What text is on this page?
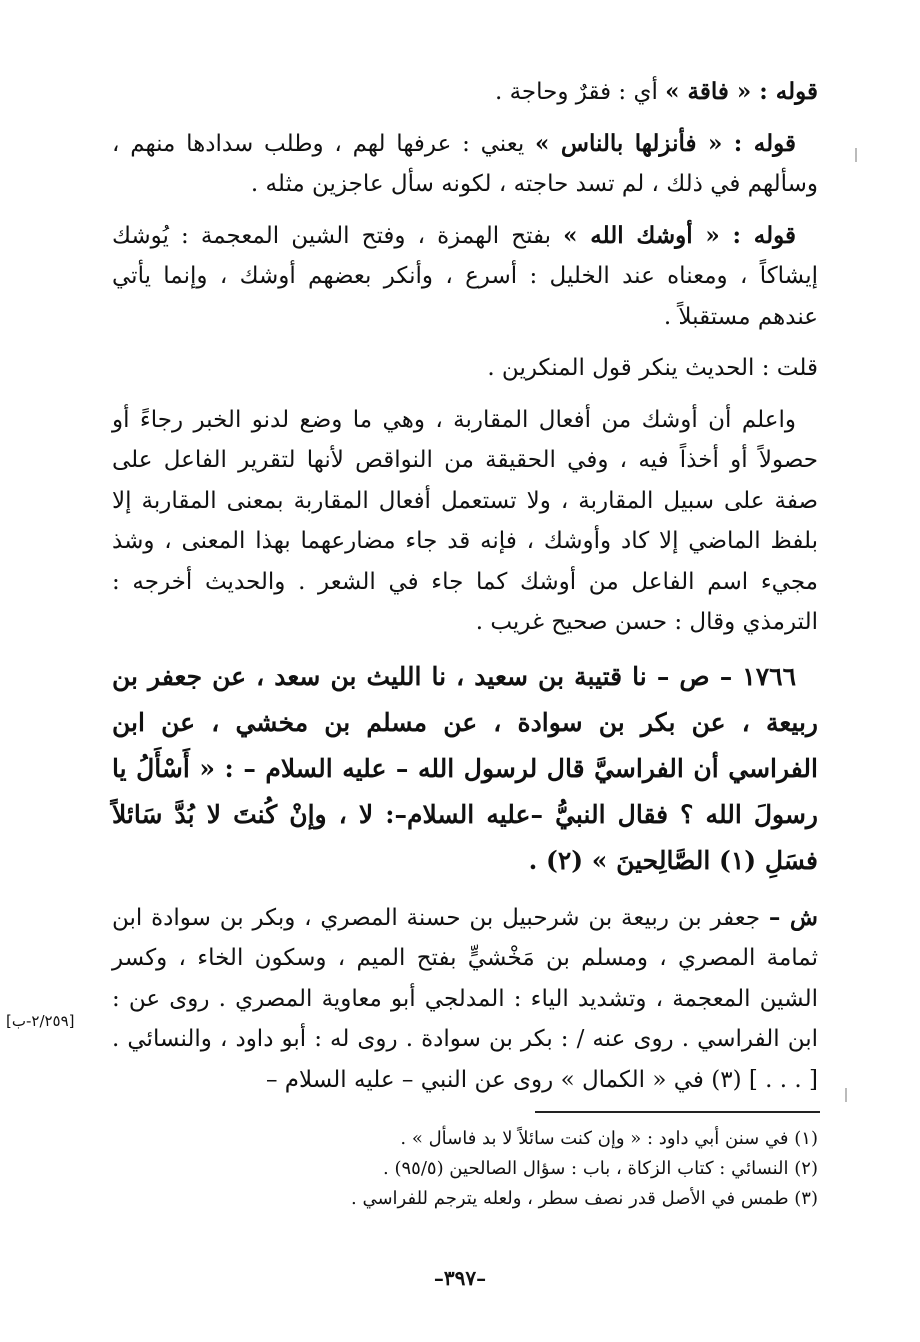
قوله : « فاقة » أي : فقرٌ وحاجة .

قوله : « فأنزلها بالناس » يعني : عرفها لهم ، وطلب سدادها منهم ، وسألهم في ذلك ، لم تسد حاجته ، لكونه سأل عاجزين مثله .

قوله : « أوشك الله » بفتح الهمزة ، وفتح الشين المعجمة : يُوشك إيشاكاً ، ومعناه عند الخليل : أسرع ، وأنكر بعضهم أوشك ، وإنما يأتي عندهم مستقبلاً .

قلت : الحديث ينكر قول المنكرين .

واعلم أن أوشك من أفعال المقاربة ، وهي ما وضع لدنو الخبر رجاءً أو حصولاً أو أخذاً فيه ، وفي الحقيقة من النواقص لأنها لتقرير الفاعل على صفة على سبيل المقاربة ، ولا تستعمل أفعال المقاربة بمعنى المقاربة إلا بلفظ الماضي إلا كاد وأوشك ، فإنه قد جاء مضارعهما بهذا المعنى ، وشذ مجيء اسم الفاعل من أوشك كما جاء في الشعر . والحديث أخرجه : الترمذي وقال : حسن صحيح غريب .

١٧٦٦ – ص – نا قتيبة بن سعيد ، نا الليث بن سعد ، عن جعفر بن ربيعة ، عن بكر بن سوادة ، عن مسلم بن مخشي ، عن ابن الفراسي أن الفراسيَّ قال لرسول الله – عليه السلام – : « أَسْأَلُ يا رسولَ الله ؟ فقال النبيُّ –عليه السلام–: لا ، وإنْ كُنتَ لا بُدَّ سَائلاً فسَلِ (١) الصَّالِحينَ » (٢) .

ش – جعفر بن ربيعة بن شرحبيل بن حسنة المصري ، وبكر بن سوادة ابن ثمامة المصري ، ومسلم بن مَخْشيٍّ بفتح الميم ، وسكون الخاء ، وكسر الشين المعجمة ، وتشديد الياء : المدلجي أبو معاوية المصري . روى عن : ابن الفراسي . روى عنه / : بكر بن سوادة . روى له : أبو داود ، والنسائي . [ . . . ] (٣) في « الكمال » روى عن النبي – عليه السلام –

[٢/٢٥٩-ب]
(١) في سنن أبي داود : « وإن كنت سائلاً لا بد فاسأل » .
(٢) النسائي : كتاب الزكاة ، باب : سؤال الصالحين (٩٥/٥) .
(٣) طمس في الأصل قدر نصف سطر ، ولعله يترجم للفراسي .
–٣٩٧–
